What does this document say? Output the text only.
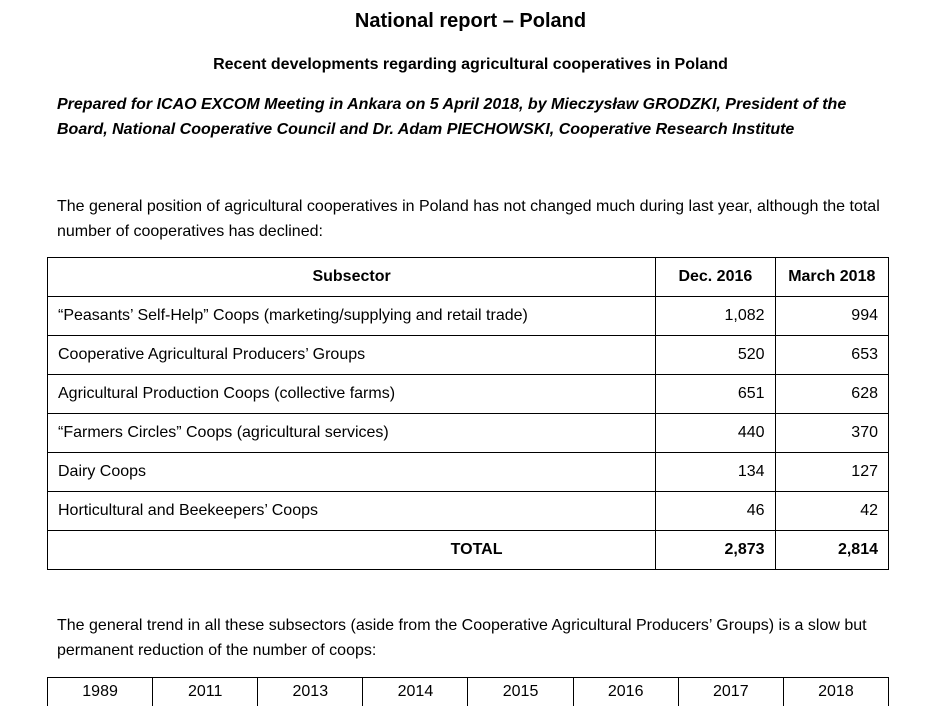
National report – Poland
Recent developments regarding agricultural cooperatives in Poland
Prepared for ICAO EXCOM Meeting in Ankara on 5 April 2018, by Mieczysław GRODZKI, President of the Board, National Cooperative Council and Dr. Adam PIECHOWSKI, Cooperative Research Institute
The general position of agricultural cooperatives in Poland has not changed much during last year, although the total number of cooperatives has declined:
Subsector	Dec. 2016	March 2018
“Peasants’ Self-Help” Coops (marketing/supplying and retail trade)	1,082	994
Cooperative Agricultural Producers’ Groups	520	653
Agricultural Production Coops (collective farms)	651	628
“Farmers Circles” Coops (agricultural services)	440	370
Dairy Coops	134	127
Horticultural and Beekeepers’ Coops	46	42
TOTAL	2,873	2,814
The general trend in all these subsectors (aside from the Cooperative Agricultural Producers’ Groups) is a slow but permanent reduction of the number of coops:
1989	2011	2013	2014	2015	2016	2017	2018
